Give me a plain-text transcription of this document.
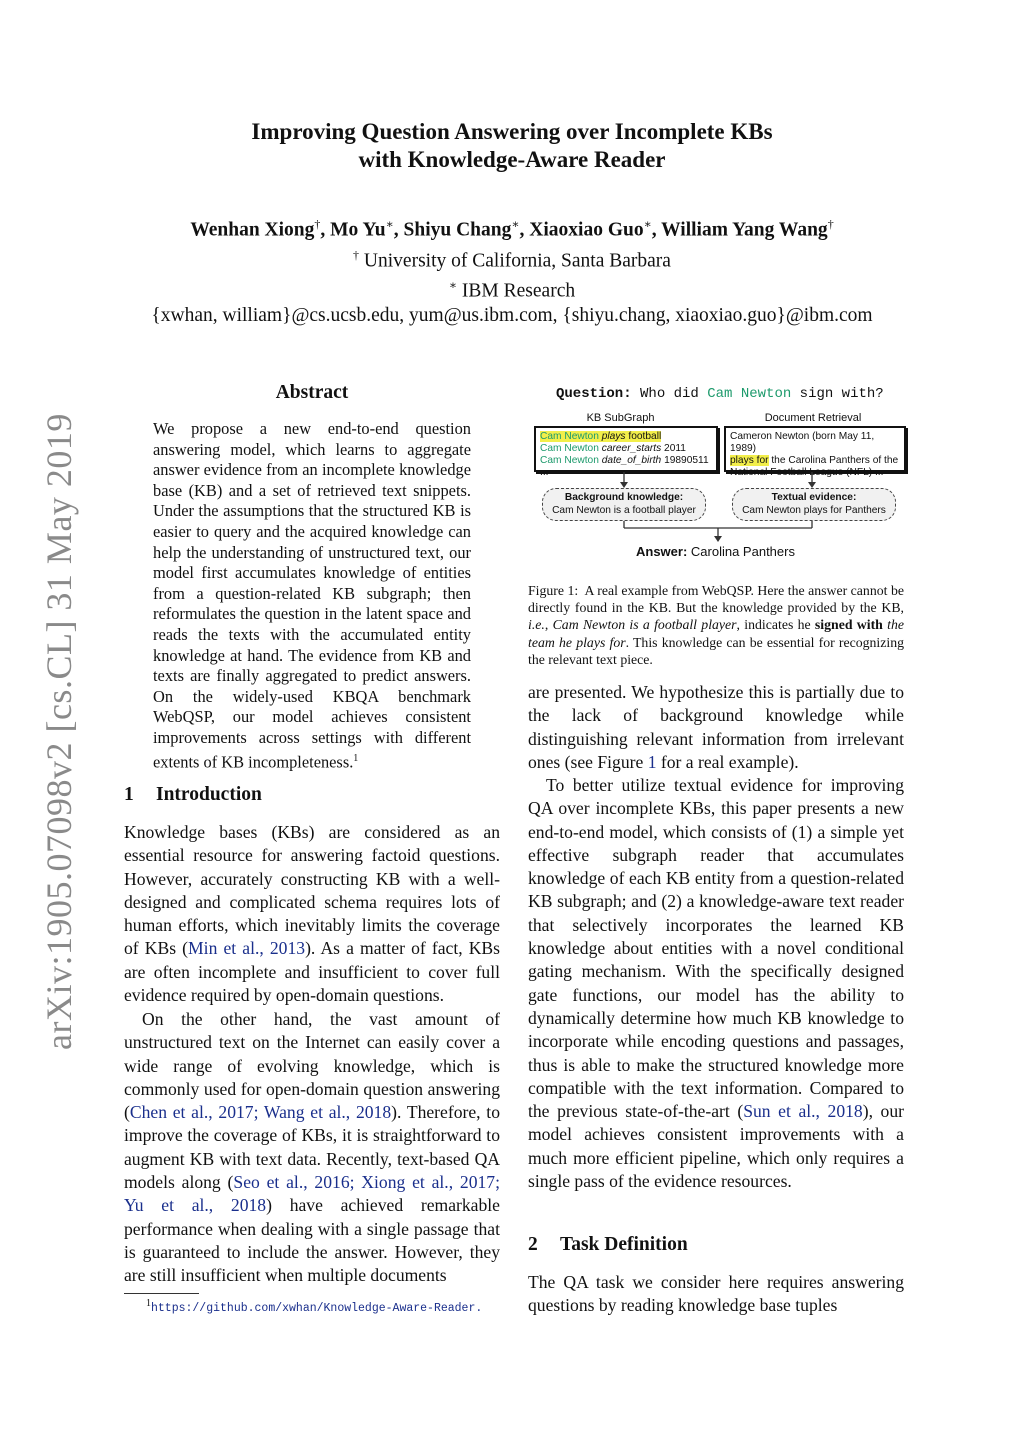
arXiv:1905.07098v2 [cs.CL] 31 May 2019
Improving Question Answering over Incomplete KBs
with Knowledge-Aware Reader
Wenhan Xiong†, Mo Yu∗, Shiyu Chang∗, Xiaoxiao Guo∗, William Yang Wang†
† University of California, Santa Barbara
∗ IBM Research
{xwhan, william}@cs.ucsb.edu, yum@us.ibm.com, {shiyu.chang, xiaoxiao.guo}@ibm.com
Abstract
We propose a new end-to-end question answering model, which learns to aggregate answer evidence from an incomplete knowledge base (KB) and a set of retrieved text snippets. Under the assumptions that the structured KB is easier to query and the acquired knowledge can help the understanding of unstructured text, our model first accumulates knowledge of entities from a question-related KB subgraph; then reformulates the question in the latent space and reads the texts with the accumulated entity knowledge at hand. The evidence from KB and texts are finally aggregated to predict answers. On the widely-used KBQA benchmark WebQSP, our model achieves consistent improvements across settings with different extents of KB incompleteness.$^1$
1 Introduction
Knowledge bases (KBs) are considered as an essential resource for answering factoid questions. However, accurately constructing KB with a well-designed and complicated schema requires lots of human efforts, which inevitably limits the coverage of KBs (Min et al., 2013). As a matter of fact, KBs are often incomplete and insufficient to cover full evidence required by open-domain questions.
On the other hand, the vast amount of unstructured text on the Internet can easily cover a wide range of evolving knowledge, which is commonly used for open-domain question answering (Chen et al., 2017; Wang et al., 2018). Therefore, to improve the coverage of KBs, it is straightforward to augment KB with text data. Recently, text-based QA models along (Seo et al., 2016; Xiong et al., 2017; Yu et al., 2018) have achieved remarkable performance when dealing with a single passage that is guaranteed to include the answer. However, they are still insufficient when multiple documents
$^1$https://github.com/xwhan/Knowledge-Aware-Reader.
Question: Who did Cam Newton sign with?
KB SubGraph	Document Retrieval
Cam Newton plays football
Cam Newton career_starts 2011
Cam Newton date_of_birth 19890511 ...
Cameron Newton (born May 11, 1989)
plays for the Carolina Panthers of the
National Football League (NFL) ...
Background knowledge:
Cam Newton is a football player
Textual evidence:
Cam Newton plays for Panthers
Answer: Carolina Panthers
Figure 1: A real example from WebQSP. Here the answer cannot be directly found in the KB. But the knowledge provided by the KB, i.e., Cam Newton is a football player, indicates he signed with the team he plays for. This knowledge can be essential for recognizing the relevant text piece.
are presented. We hypothesize this is partially due to the lack of background knowledge while distinguishing relevant information from irrelevant ones (see Figure 1 for a real example).
To better utilize textual evidence for improving QA over incomplete KBs, this paper presents a new end-to-end model, which consists of (1) a simple yet effective subgraph reader that accumulates knowledge of each KB entity from a question-related KB subgraph; and (2) a knowledge-aware text reader that selectively incorporates the learned KB knowledge about entities with a novel conditional gating mechanism. With the specifically designed gate functions, our model has the ability to dynamically determine how much KB knowledge to incorporate while encoding questions and passages, thus is able to make the structured knowledge more compatible with the text information. Compared to the previous state-of-the-art (Sun et al., 2018), our model achieves consistent improvements with a much more efficient pipeline, which only requires a single pass of the evidence resources.
2 Task Definition
The QA task we consider here requires answering questions by reading knowledge base tuples
